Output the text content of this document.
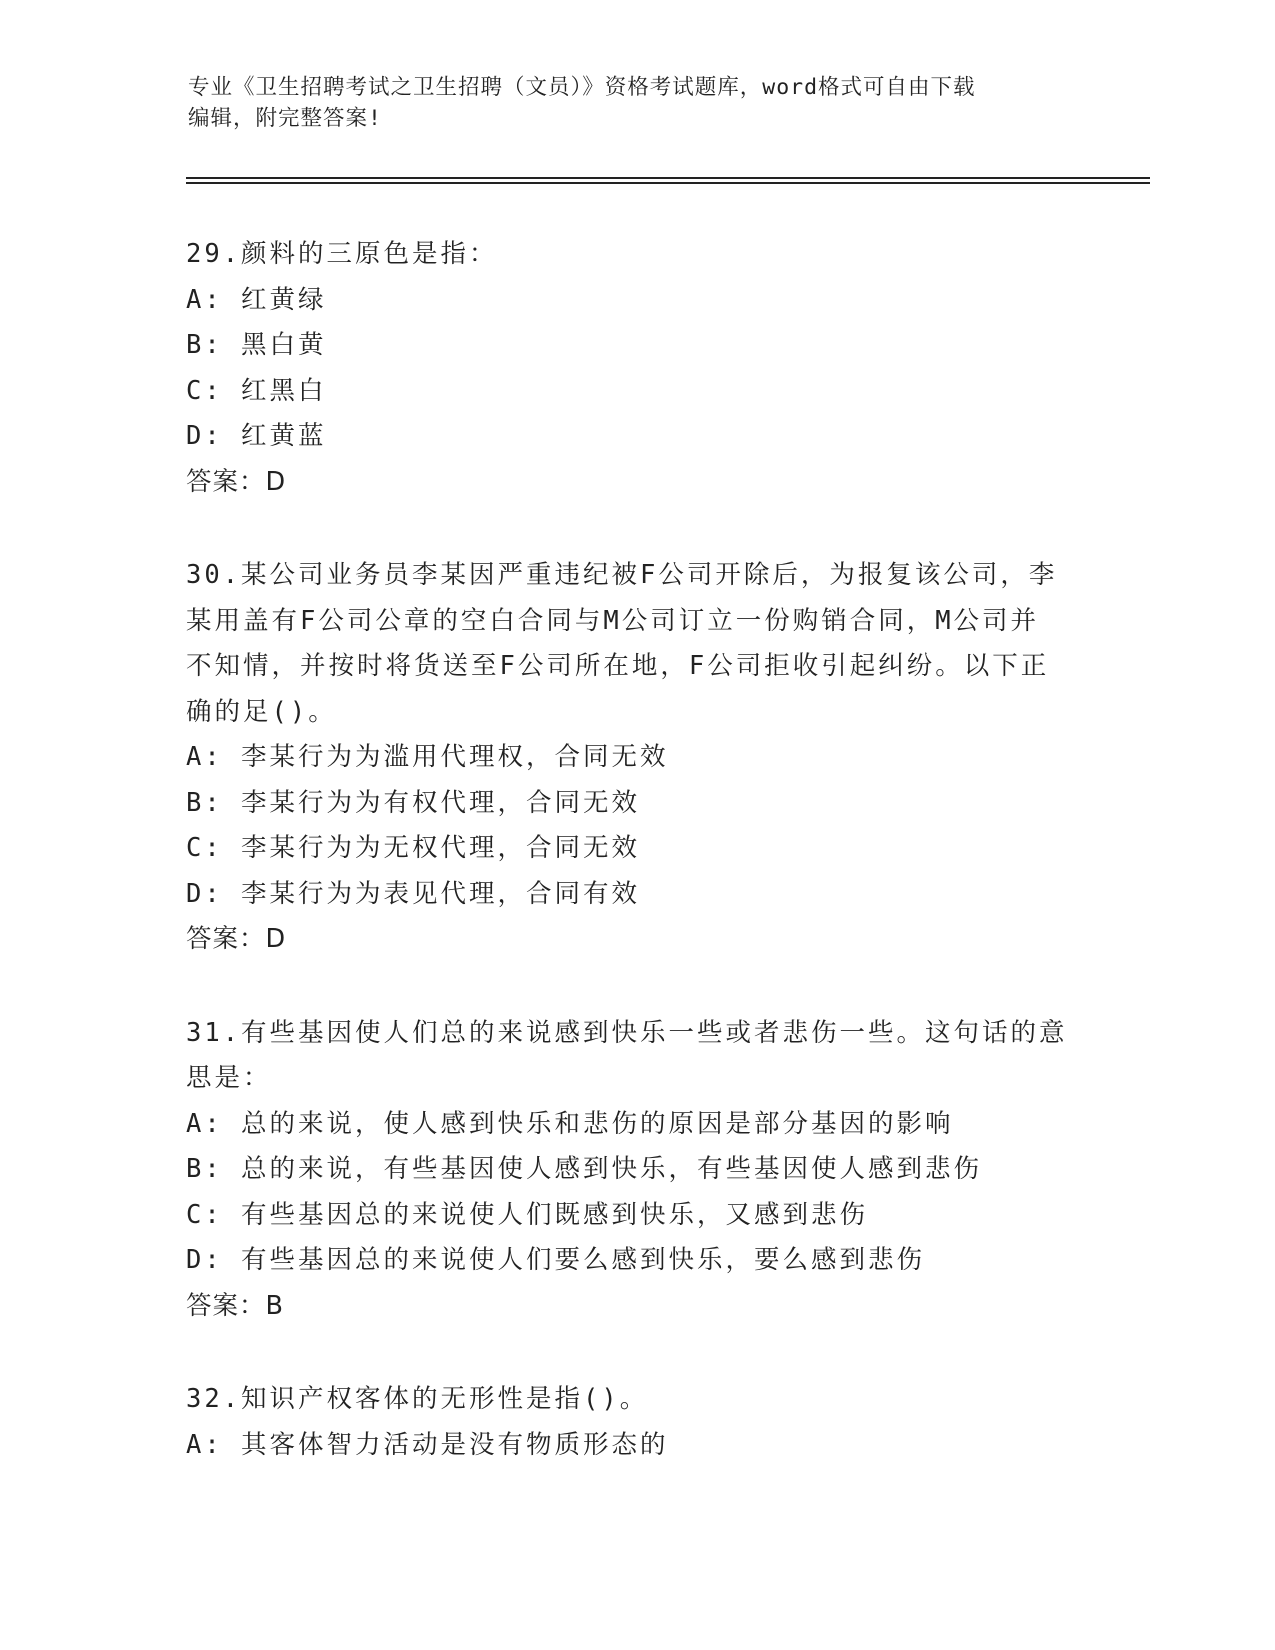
专业《卫生招聘考试之卫生招聘（文员）》资格考试题库，word格式可自由下载

编辑，附完整答案!

29.颜料的三原色是指：
A: 红黄绿
B: 黑白黄
C: 红黑白
D: 红黄蓝
答案：D
30.某公司业务员李某因严重违纪被F公司开除后，为报复该公司，李
某用盖有F公司公章的空白合同与M公司订立一份购销合同，M公司并
不知情，并按时将货送至F公司所在地，F公司拒收引起纠纷。以下正
确的足()。
A: 李某行为为滥用代理权，合同无效
B: 李某行为为有权代理，合同无效
C: 李某行为为无权代理，合同无效
D: 李某行为为表见代理，合同有效
答案：D
31.有些基因使人们总的来说感到快乐一些或者悲伤一些。这句话的意
思是：
A: 总的来说，使人感到快乐和悲伤的原因是部分基因的影响
B: 总的来说，有些基因使人感到快乐，有些基因使人感到悲伤
C: 有些基因总的来说使人们既感到快乐，又感到悲伤
D: 有些基因总的来说使人们要么感到快乐，要么感到悲伤
答案：B
32.知识产权客体的无形性是指()。
A: 其客体智力活动是没有物质形态的
